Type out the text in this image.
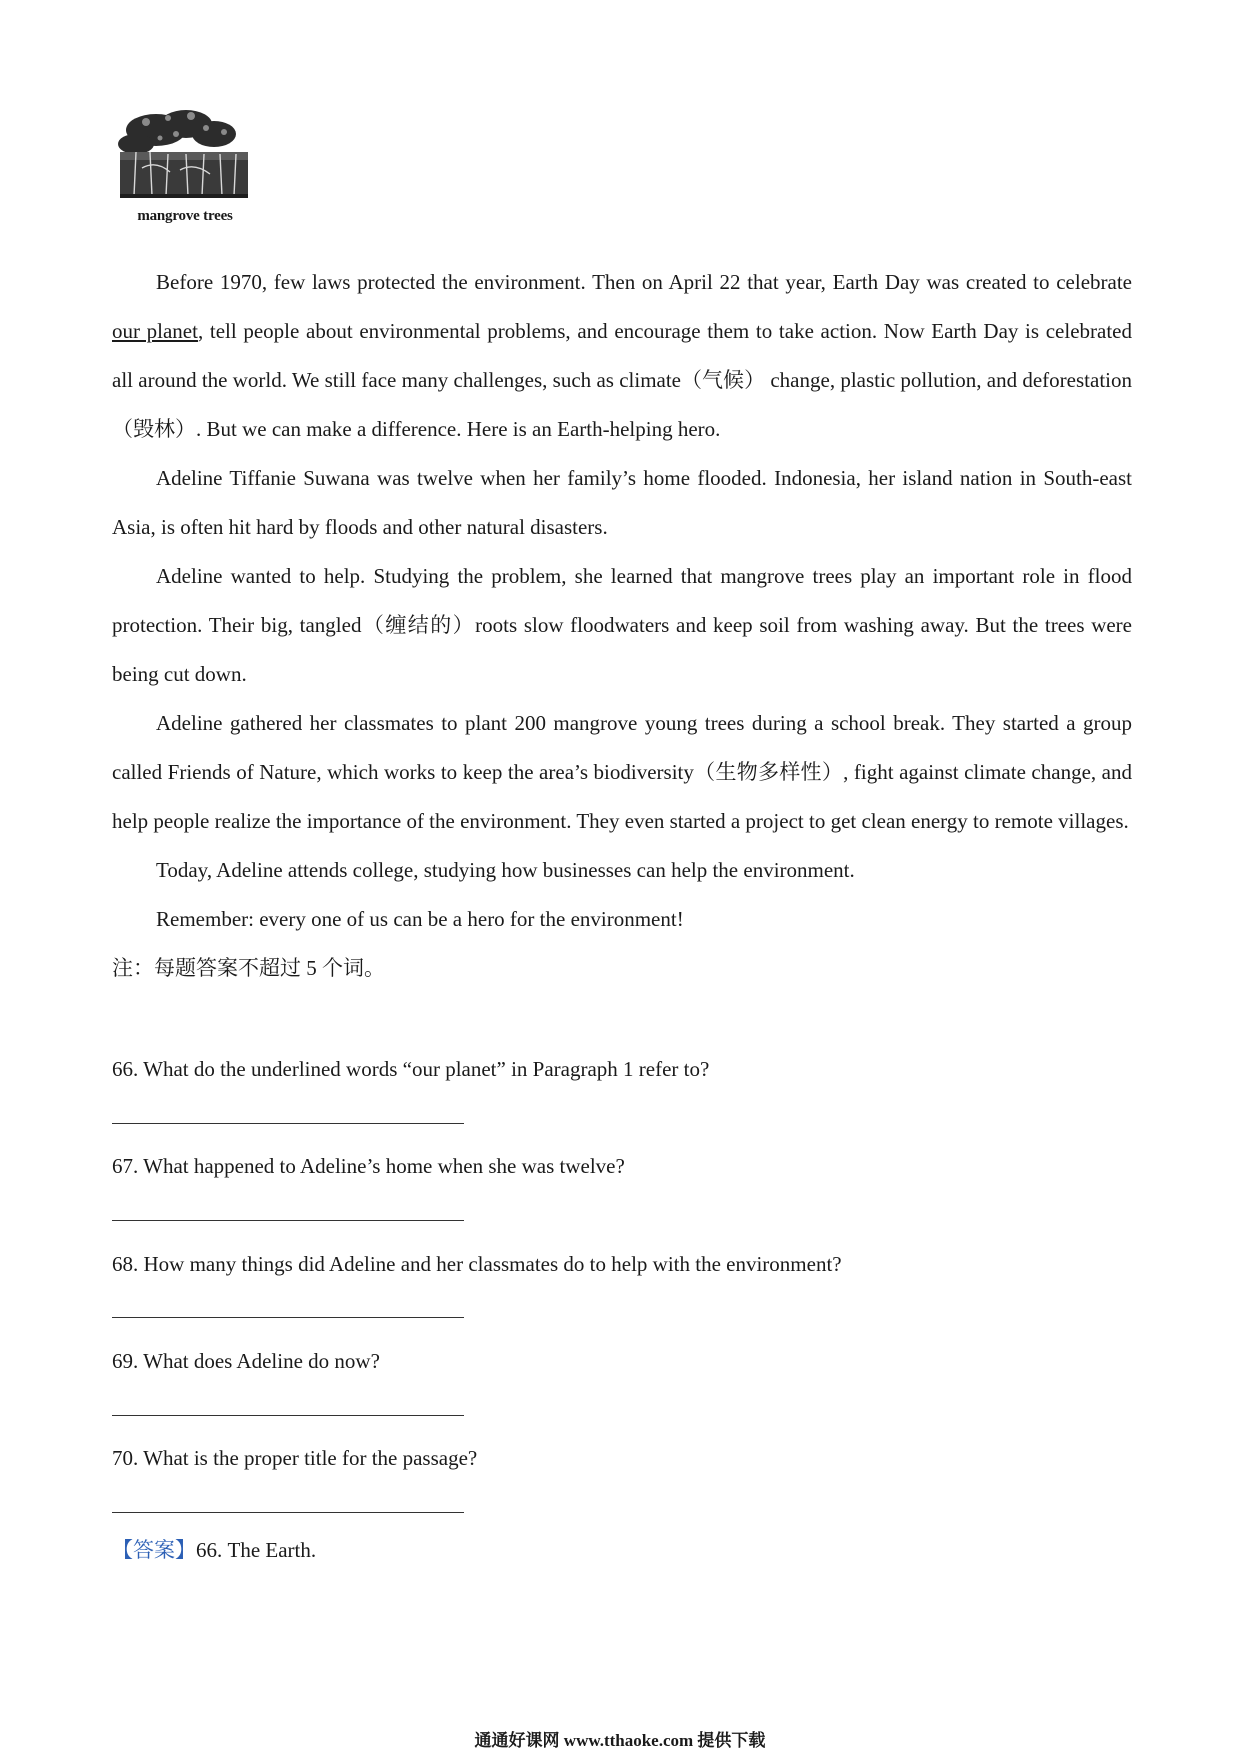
mangrove trees

Before 1970, few laws protected the environment. Then on April 22 that year, Earth Day was created to celebrate our planet, tell people about environmental problems, and encourage them to take action. Now Earth Day is celebrated all around the world. We still face many challenges, such as climate（气候） change, plastic pollution, and deforestation（毁林）. But we can make a difference. Here is an Earth-helping hero.

Adeline Tiffanie Suwana was twelve when her family’s home flooded. Indonesia, her island nation in South-east Asia, is often hit hard by floods and other natural disasters.

Adeline wanted to help. Studying the problem, she learned that mangrove trees play an important role in flood protection. Their big, tangled（缠结的）roots slow floodwaters and keep soil from washing away. But the trees were being cut down.

Adeline gathered her classmates to plant 200 mangrove young trees during a school break. They started a group called Friends of Nature, which works to keep the area’s biodiversity（生物多样性）, fight against climate change, and help people realize the importance of the environment. They even started a project to get clean energy to remote villages.

Today, Adeline attends college, studying how businesses can help the environment.

Remember: every one of us can be a hero for the environment!

注：每题答案不超过 5 个词。

66. What do the underlined words “our planet” in Paragraph 1 refer to?
67. What happened to Adeline’s home when she was twelve?
68. How many things did Adeline and her classmates do to help with the environment?
69. What does Adeline do now?
70. What is the proper title for the passage?
【答案】66. The Earth.
通通好课网 www.tthaoke.com 提供下载
